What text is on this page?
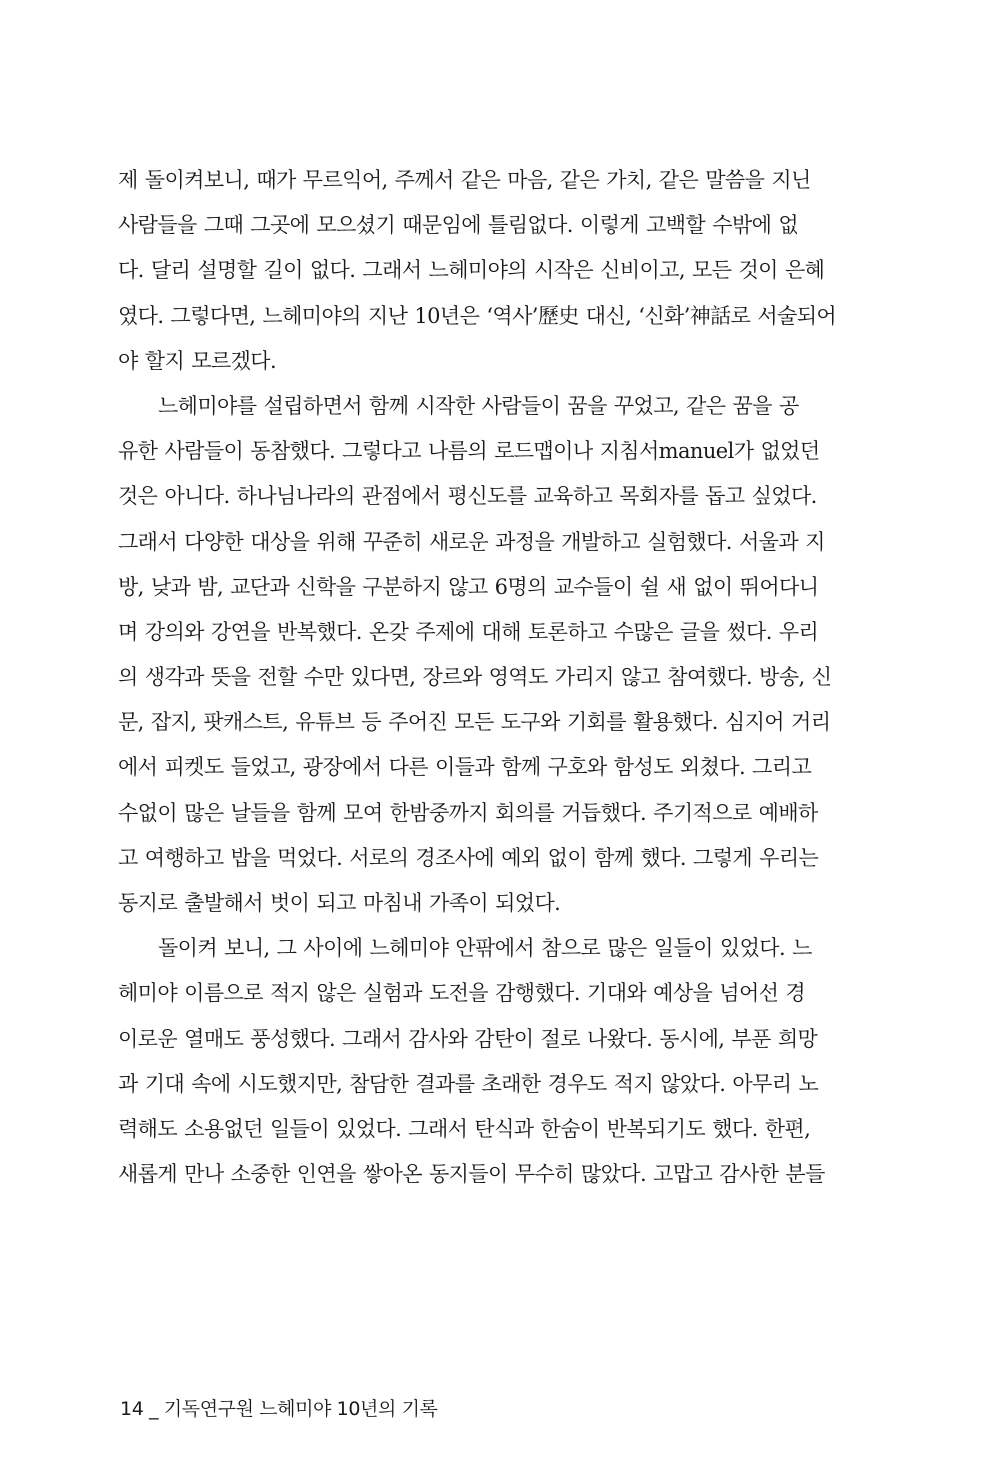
제 돌이켜보니, 때가 무르익어, 주께서 같은 마음, 같은 가치, 같은 말씀을 지닌
사람들을 그때 그곳에 모으셨기 때문임에 틀림없다. 이렇게 고백할 수밖에 없
다. 달리 설명할 길이 없다. 그래서 느헤미야의 시작은 신비이고, 모든 것이 은혜
였다. 그렇다면, 느헤미야의 지난 10년은 ‘역사’歷史 대신, ‘신화’神話로 서술되어
야 할지 모르겠다.
느헤미야를 설립하면서 함께 시작한 사람들이 꿈을 꾸었고, 같은 꿈을 공
유한 사람들이 동참했다. 그렇다고 나름의 로드맵이나 지침서manuel가 없었던
것은 아니다. 하나님나라의 관점에서 평신도를 교육하고 목회자를 돕고 싶었다.
그래서 다양한 대상을 위해 꾸준히 새로운 과정을 개발하고 실험했다. 서울과 지
방, 낮과 밤, 교단과 신학을 구분하지 않고 6명의 교수들이 쉴 새 없이 뛰어다니
며 강의와 강연을 반복했다. 온갖 주제에 대해 토론하고 수많은 글을 썼다. 우리
의 생각과 뜻을 전할 수만 있다면, 장르와 영역도 가리지 않고 참여했다. 방송, 신
문, 잡지, 팟캐스트, 유튜브 등 주어진 모든 도구와 기회를 활용했다. 심지어 거리
에서 피켓도 들었고, 광장에서 다른 이들과 함께 구호와 함성도 외쳤다. 그리고
수없이 많은 날들을 함께 모여 한밤중까지 회의를 거듭했다. 주기적으로 예배하
고 여행하고 밥을 먹었다. 서로의 경조사에 예외 없이 함께 했다. 그렇게 우리는
동지로 출발해서 벗이 되고 마침내 가족이 되었다.
돌이켜 보니, 그 사이에 느헤미야 안팎에서 참으로 많은 일들이 있었다. 느
헤미야 이름으로 적지 않은 실험과 도전을 감행했다. 기대와 예상을 넘어선 경
이로운 열매도 풍성했다. 그래서 감사와 감탄이 절로 나왔다. 동시에, 부푼 희망
과 기대 속에 시도했지만, 참담한 결과를 초래한 경우도 적지 않았다. 아무리 노
력해도 소용없던 일들이 있었다. 그래서 탄식과 한숨이 반복되기도 했다. 한편,
새롭게 만나 소중한 인연을 쌓아온 동지들이 무수히 많았다. 고맙고 감사한 분들
14 _ 기독연구원 느헤미야 10년의 기록
